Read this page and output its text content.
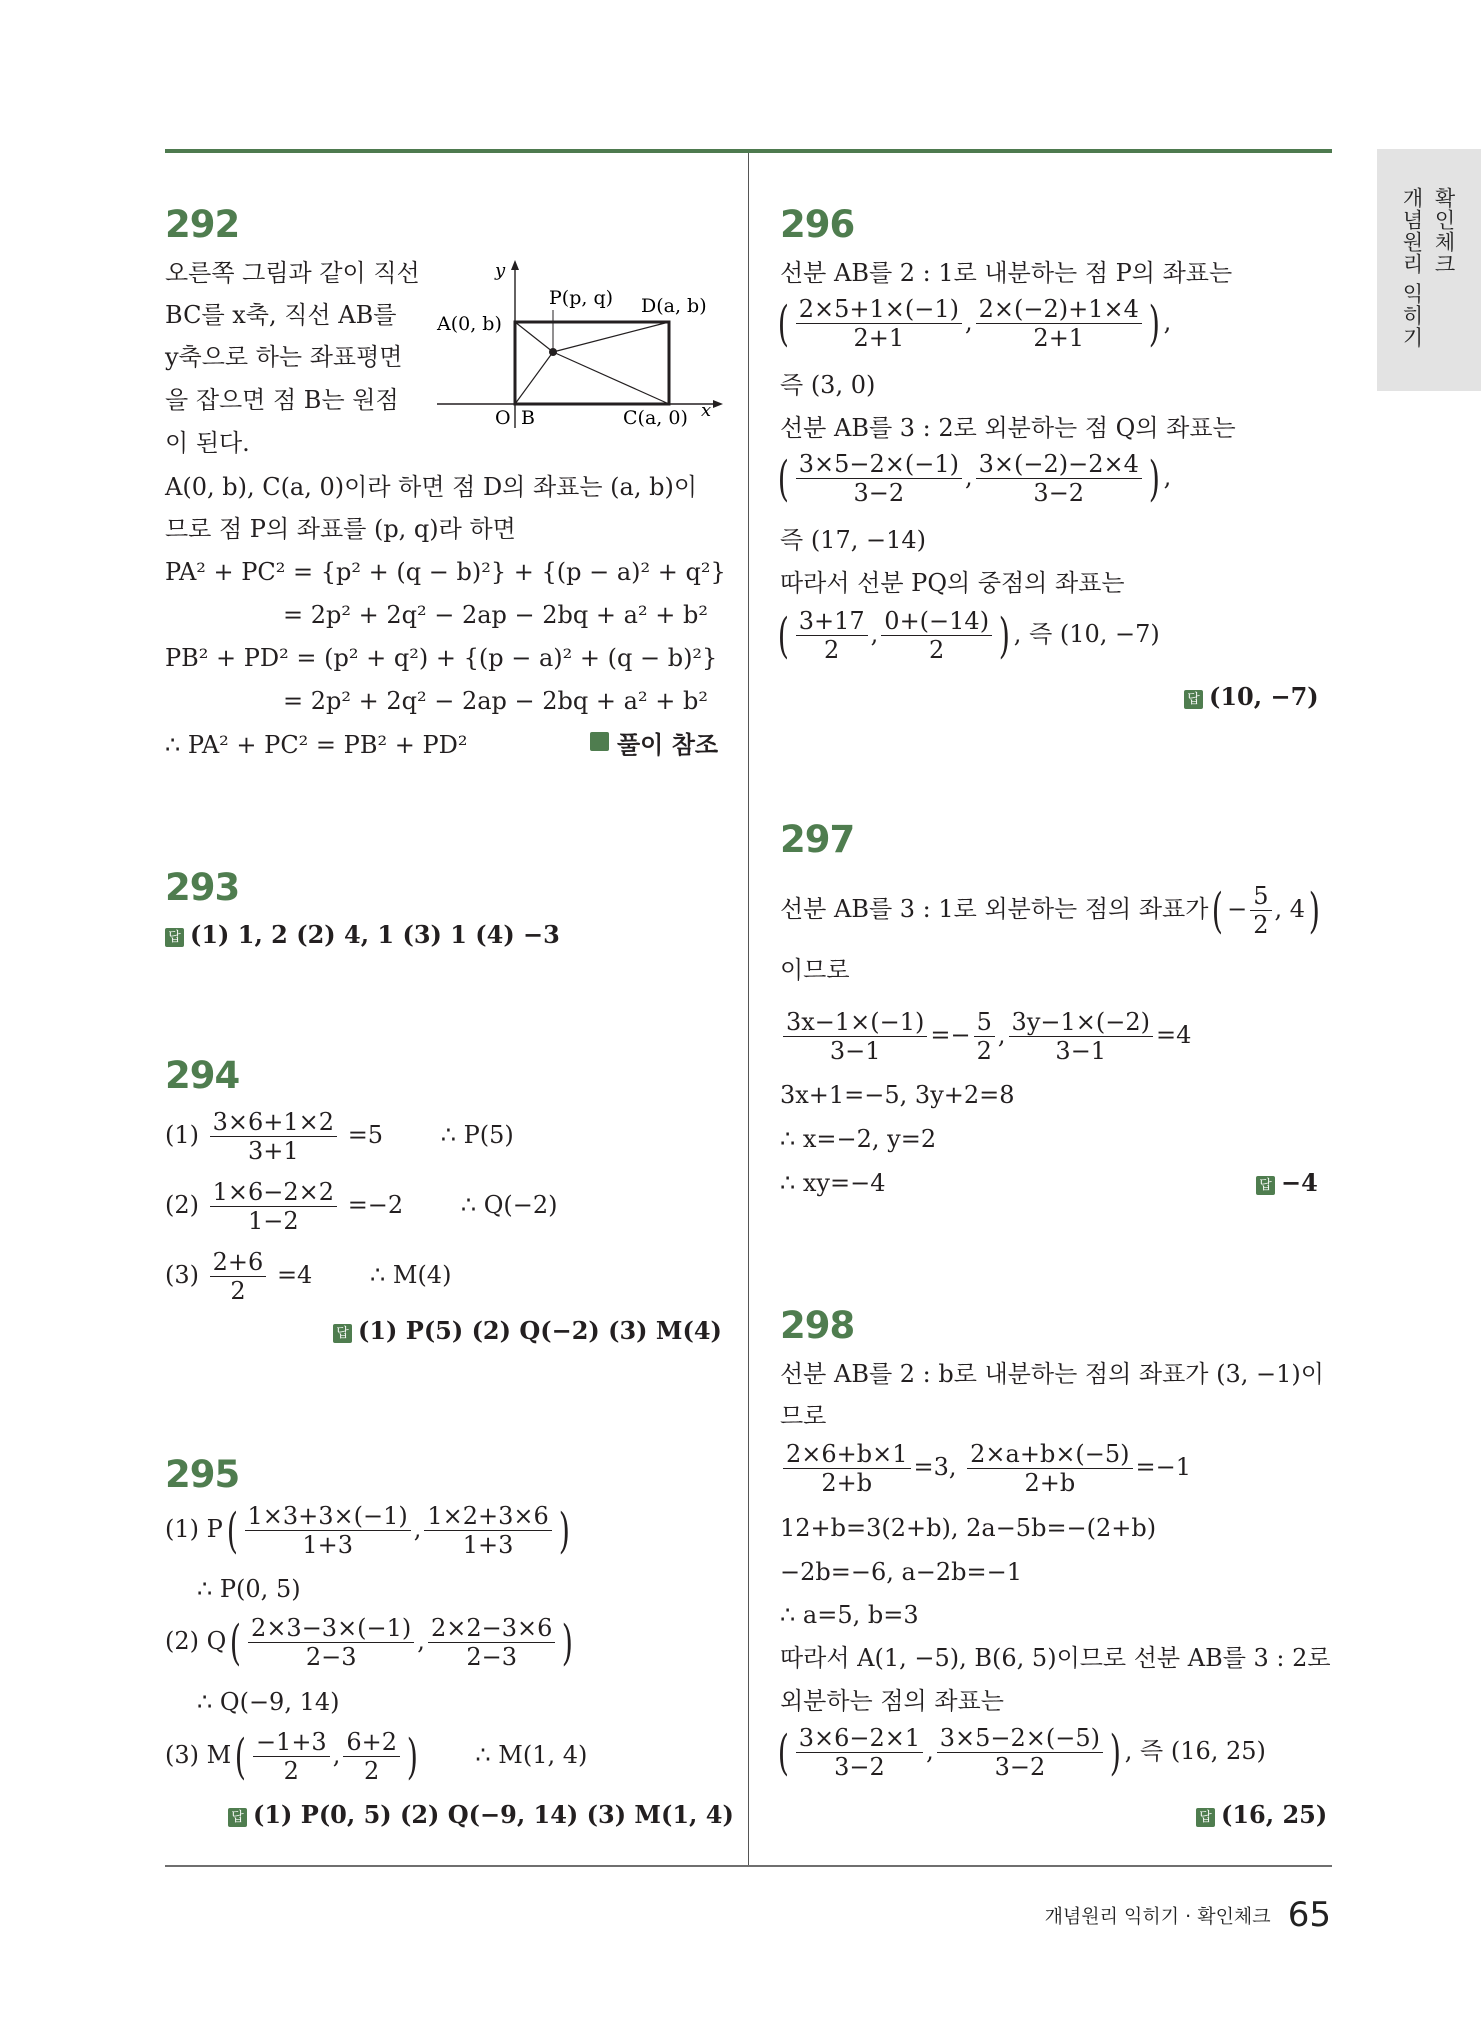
확인체크
개념원리 익히기
292
오른쪽 그림과 같이 직선
BC를 x축, 직선 AB를
y축으로 하는 좌표평면
을 잡으면 점 B는 원점
이 된다.
y
x
A(0, b)
P(p, q) D(a, b)
O B	C(a, 0)
A(0, b), C(a, 0)이라 하면 점 D의 좌표는 (a, b)이
므로 점 P의 좌표를 (p, q)라 하면
PA² + PC² = {p² + (q − b)²} + {(p − a)² + q²}
= 2p² + 2q² − 2ap − 2bq + a² + b²
PB² + PD² = (p² + q²) + {(p − a)² + (q − b)²}
= 2p² + 2q² − 2ap − 2bq + a² + b²
∴ PA² + PC² = PB² + PD²	풀이 참조
293
답 (1) 1, 2 (2) 4, 1 (3) 1 (4) −3
294
$(1) \frac{3\times 6+1\times 2}{3+1} =5$ ∴ P(5)
$(2) \frac{1\times 6-2\times 2}{1-2} =-2$ ∴ Q(−2)
$(3) \frac{2+6}{2} =4$ ∴ M(4)
답 (1) P(5) (2) Q(−2) (3) M(4)
295
(1) $P( \frac{1\times 3+3\times(-1)}{1+3}$ , $\frac{1\times 2+3\times 6}{1+3}$ )
∴ P(0, 5)
(2) $Q( \frac{2\times 3-3\times(-1)}{2-3}$ , $\frac{2\times 2-3\times 6}{2-3}$ )
∴ Q(−9, 14)
(3) $M( \frac{-1+3}{2}$ , $\frac{6+2}{2}$ ) ∴ M(1, 4)
답 (1) P(0, 5) (2) Q(−9, 14) (3) M(1, 4)
296
선분 AB를 2 : 1로 내분하는 점 P의 좌표는
( $\frac{2\times 5+1\times(-1)}{2+1}$ , $\frac{2\times(-2)+1\times 4}{2+1}$ ) ,
즉 (3, 0)
선분 AB를 3 : 2로 외분하는 점 Q의 좌표는
( $\frac{3\times 5-2\times(-1)}{3-2}$ , $\frac{3\times(-2)-2\times 4}{3-2}$ ) ,
즉 (17, −14)
따라서 선분 PQ의 중점의 좌표는
( $\frac{3+17}{2}$ , $\frac{0+(-14)}{2}$ ) , 즉 (10, −7)
답 (10, −7)
297
선분 AB를 3 : 1로 외분하는 점의 좌표가( − $\frac{5}{2}$ , 4)
이므로
$\frac{3x-1\times(-1)}{3-1} =- \frac{5}{2}$ , $\frac{3y-1\times(-2)}{3-1} =4$
3x+1=−5, 3y+2=8
∴ x=−2, y=2
∴ xy=−4	답 −4
298
선분 AB를 2 : b로 내분하는 점의 좌표가 (3, −1)이
므로
$\frac{2\times 6+b\times 1}{2+b} =3$, $\frac{2\times a+b\times(-5)}{2+b} =-1$
12+b=3(2+b), 2a−5b=−(2+b)
−2b=−6, a−2b=−1
∴ a=5, b=3
따라서 A(1, −5), B(6, 5)이므로 선분 AB를 3 : 2로
외분하는 점의 좌표는
( $\frac{3\times 6-2\times 1}{3-2}$ , $\frac{3\times 5-2\times(-5)}{3-2}$ ) , 즉 (16, 25)
답 (16, 25)
개념원리 익히기 · 확인체크 65
